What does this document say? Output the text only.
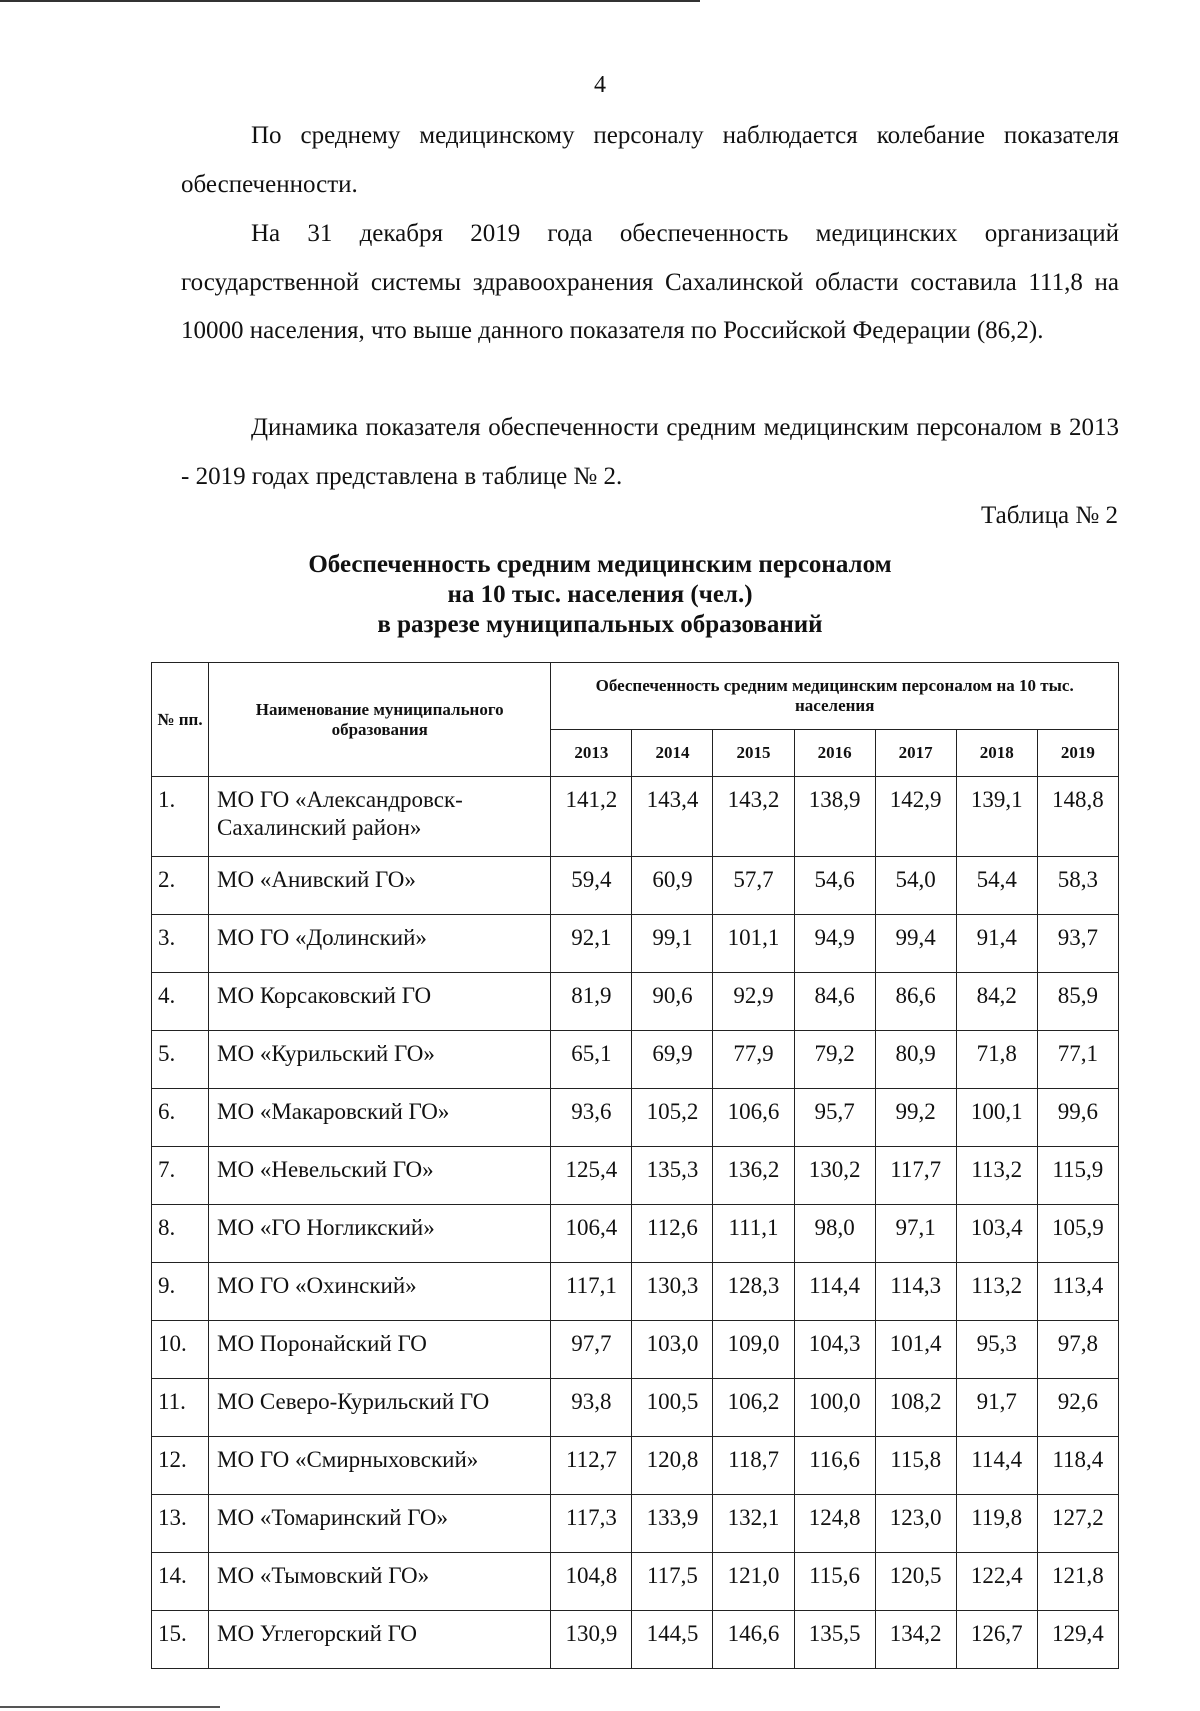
4

По среднему медицинскому персоналу наблюдается колебание показателя обеспеченности.

На 31 декабря 2019 года обеспеченность медицинских организаций государственной системы здравоохранения Сахалинской области составила 111,8 на 10000 населения, что выше данного показателя по Российской Федерации (86,2).

Динамика показателя обеспеченности средним медицинским персоналом в 2013 - 2019 годах представлена в таблице № 2.

Таблица № 2
Обеспеченность средним медицинским персоналом
на 10 тыс. населения (чел.)
в разрезе муниципальных образований
№ пп.	Наименование муниципального образования	Обеспеченность средним медицинским персоналом на 10 тыс. населения						
		2013	2014	2015	2016	2017	2018	2019
1.	МО ГО «Александровск-Сахалинский район»	141,2	143,4	143,2	138,9	142,9	139,1	148,8
2.	МО «Анивский ГО»	59,4	60,9	57,7	54,6	54,0	54,4	58,3
3.	МО ГО «Долинский»	92,1	99,1	101,1	94,9	99,4	91,4	93,7
4.	МО Корсаковский ГО	81,9	90,6	92,9	84,6	86,6	84,2	85,9
5.	МО «Курильский ГО»	65,1	69,9	77,9	79,2	80,9	71,8	77,1
6.	МО «Макаровский ГО»	93,6	105,2	106,6	95,7	99,2	100,1	99,6
7.	МО «Невельский ГО»	125,4	135,3	136,2	130,2	117,7	113,2	115,9
8.	МО «ГО Ногликский»	106,4	112,6	111,1	98,0	97,1	103,4	105,9
9.	МО ГО «Охинский»	117,1	130,3	128,3	114,4	114,3	113,2	113,4
10.	МО Поронайский ГО	97,7	103,0	109,0	104,3	101,4	95,3	97,8
11.	МО Северо-Курильский ГО	93,8	100,5	106,2	100,0	108,2	91,7	92,6
12.	МО ГО «Смирныховский»	112,7	120,8	118,7	116,6	115,8	114,4	118,4
13.	МО «Томаринский ГО»	117,3	133,9	132,1	124,8	123,0	119,8	127,2
14.	МО «Тымовский ГО»	104,8	117,5	121,0	115,6	120,5	122,4	121,8
15.	МО Углегорский ГО	130,9	144,5	146,6	135,5	134,2	126,7	129,4
